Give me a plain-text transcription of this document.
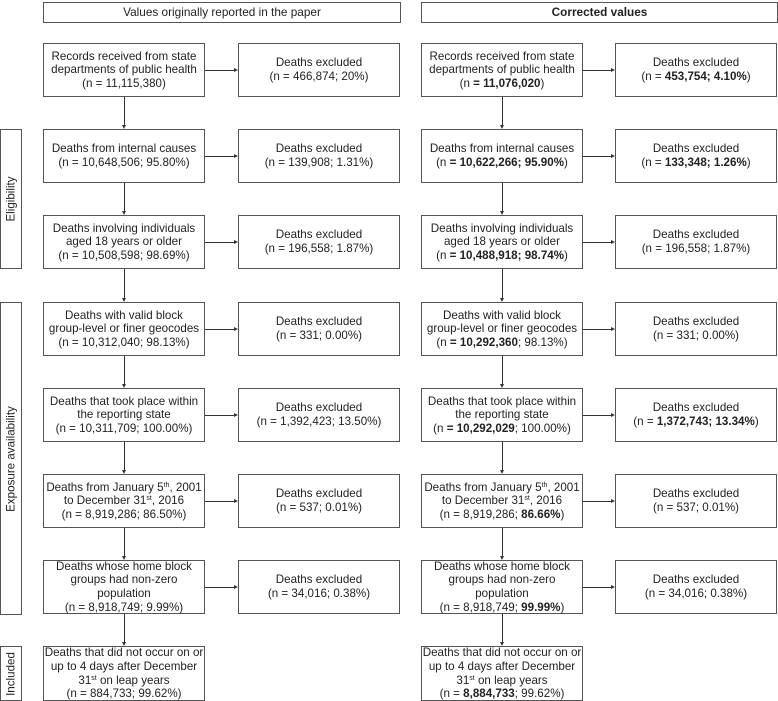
Values originally reported in the paper	Corrected values
Eligibility
Exposure availability
Included
Records received from state
departments of public health
(n = 11,115,380)
Deaths from internal causes
(n = 10,648,506; 95.80%)
Deaths involving individuals
aged 18 years or older
(n = 10,508,598; 98.69%)
Deaths with valid block
group-level or finer geocodes
(n = 10,312,040; 98.13%)
Deaths that took place within
the reporting state
(n = 10,311,709; 100.00%)
Deaths from January 5th, 2001
to December 31st, 2016
(n = 8,919,286; 86.50%)
Deaths whose home block
groups had non-zero population
(n = 8,918,749; 9.99%)
Deaths that did not occur on or
up to 4 days after December
31st on leap years
(n = 884,733; 99.62%)
Deaths excluded
(n = 466,874; 20%)
Deaths excluded
(n = 139,908; 1.31%)
Deaths excluded
(n = 196,558; 1.87%)
Deaths excluded
(n = 331; 0.00%)
Deaths excluded
(n = 1,392,423; 13.50%)
Deaths excluded
(n = 537; 0.01%)
Deaths excluded
(n = 34,016; 0.38%)
Records received from state
departments of public health
(n = 11,076,020)
Deaths from internal causes
(n = 10,622,266; 95.90%)
Deaths involving individuals
aged 18 years or older
(n = 10,488,918; 98.74%)
Deaths with valid block
group-level or finer geocodes
(n = 10,292,360; 98.13%)
Deaths that took place within
the reporting state
(n = 10,292,029; 100.00%)
Deaths from January 5th, 2001
to December 31st, 2016
(n = 8,919,286; 86.66%)
Deaths whose home block
groups had non-zero population
(n = 8,918,749; 99.99%)
Deaths that did not occur on or
up to 4 days after December
31st on leap years
(n = 8,884,733; 99.62%)
Deaths excluded
(n = 453,754; 4.10%)
Deaths excluded
(n = 133,348; 1.26%)
Deaths excluded
(n = 196,558; 1.87%)
Deaths excluded
(n = 331; 0.00%)
Deaths excluded
(n = 1,372,743; 13.34%)
Deaths excluded
(n = 537; 0.01%)
Deaths excluded
(n = 34,016; 0.38%)
